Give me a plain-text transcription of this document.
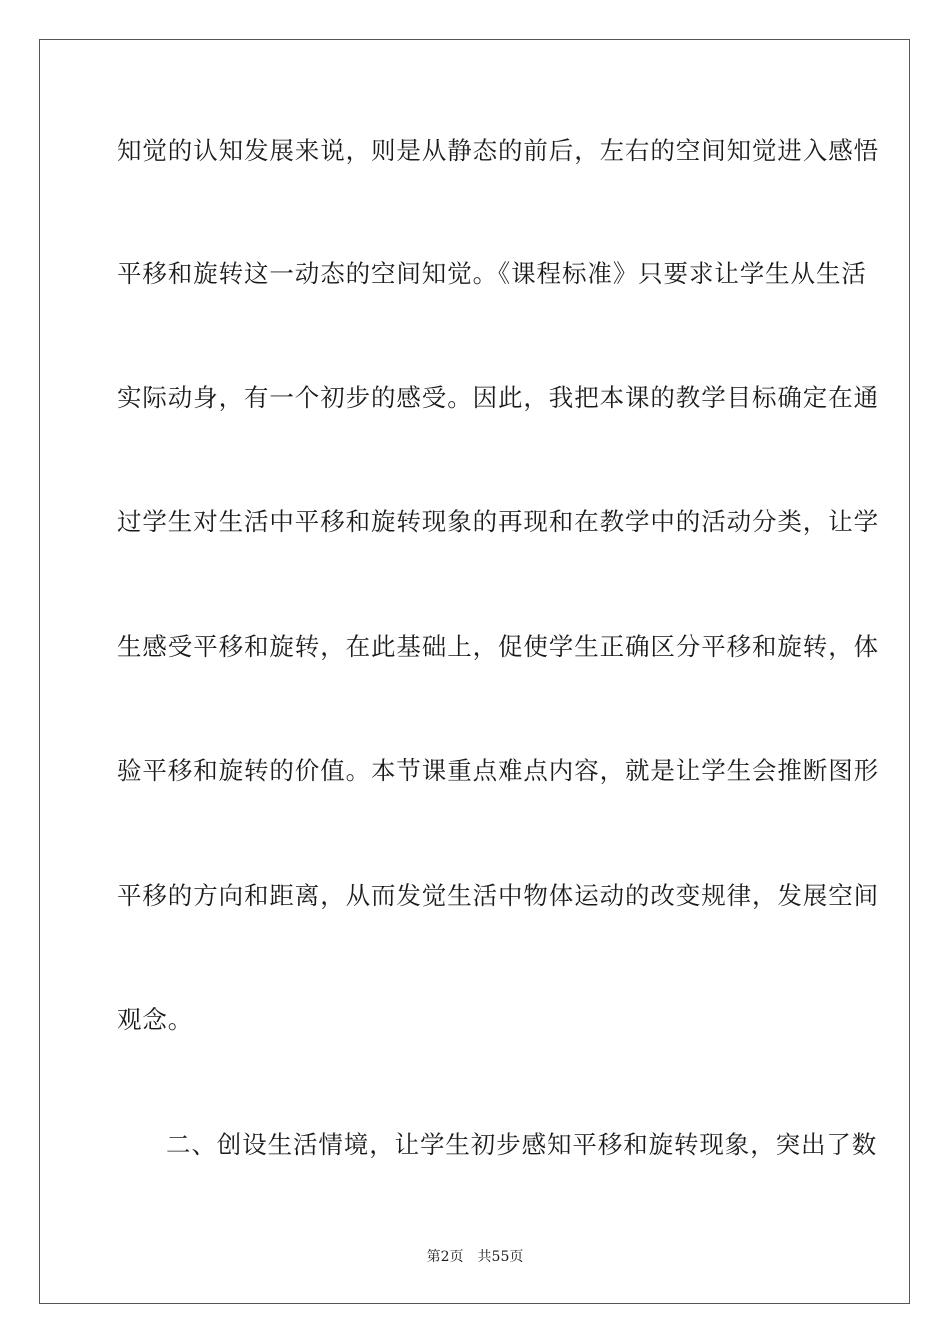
知觉的认知发展来说，则是从静态的前后，左右的空间知觉进入感悟
平移和旋转这一动态的空间知觉。《课程标准》只要求让学生从生活
实际动身，有一个初步的感受。因此，我把本课的教学目标确定在通
过学生对生活中平移和旋转现象的再现和在教学中的活动分类，让学
生感受平移和旋转，在此基础上，促使学生正确区分平移和旋转，体
验平移和旋转的价值。本节课重点难点内容，就是让学生会推断图形
平移的方向和距离，从而发觉生活中物体运动的改变规律，发展空间
观念。
二、创设生活情境，让学生初步感知平移和旋转现象，突出了数
第2页 共55页
